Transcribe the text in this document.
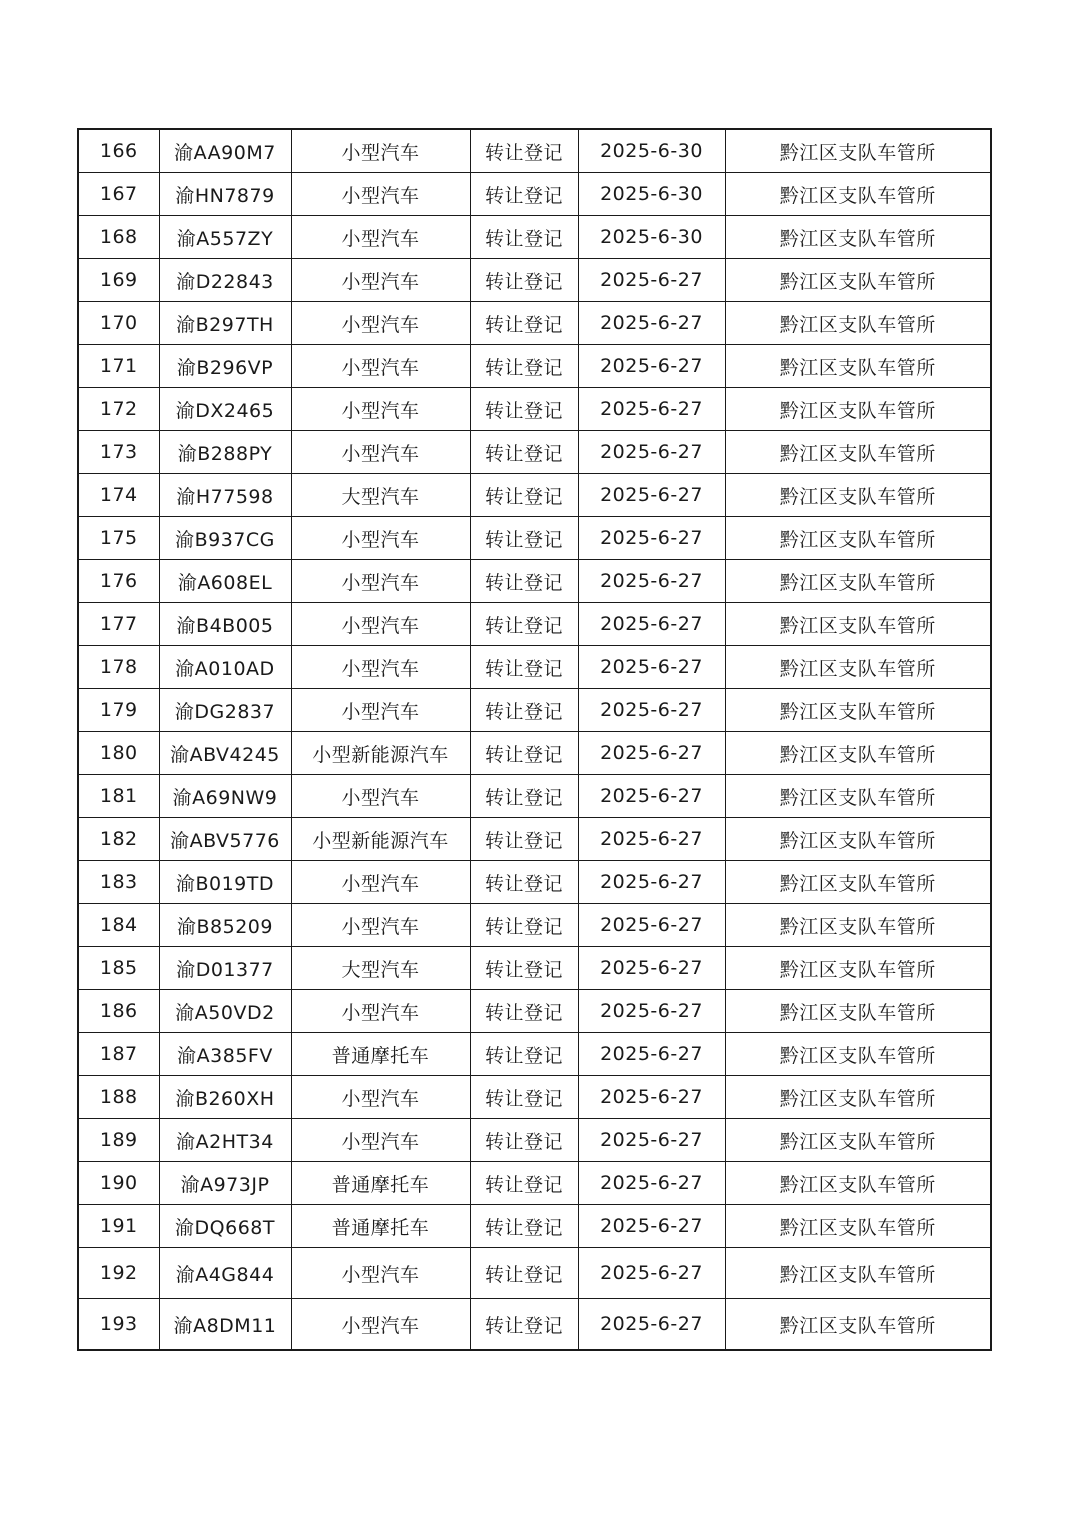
166	渝AA90M7	小型汽车	转让登记	2025-6-30	黔江区支队车管所
167	渝HN7879	小型汽车	转让登记	2025-6-30	黔江区支队车管所
168	渝A557ZY	小型汽车	转让登记	2025-6-30	黔江区支队车管所
169	渝D22843	小型汽车	转让登记	2025-6-27	黔江区支队车管所
170	渝B297TH	小型汽车	转让登记	2025-6-27	黔江区支队车管所
171	渝B296VP	小型汽车	转让登记	2025-6-27	黔江区支队车管所
172	渝DX2465	小型汽车	转让登记	2025-6-27	黔江区支队车管所
173	渝B288PY	小型汽车	转让登记	2025-6-27	黔江区支队车管所
174	渝H77598	大型汽车	转让登记	2025-6-27	黔江区支队车管所
175	渝B937CG	小型汽车	转让登记	2025-6-27	黔江区支队车管所
176	渝A608EL	小型汽车	转让登记	2025-6-27	黔江区支队车管所
177	渝B4B005	小型汽车	转让登记	2025-6-27	黔江区支队车管所
178	渝A010AD	小型汽车	转让登记	2025-6-27	黔江区支队车管所
179	渝DG2837	小型汽车	转让登记	2025-6-27	黔江区支队车管所
180	渝ABV4245	小型新能源汽车	转让登记	2025-6-27	黔江区支队车管所
181	渝A69NW9	小型汽车	转让登记	2025-6-27	黔江区支队车管所
182	渝ABV5776	小型新能源汽车	转让登记	2025-6-27	黔江区支队车管所
183	渝B019TD	小型汽车	转让登记	2025-6-27	黔江区支队车管所
184	渝B85209	小型汽车	转让登记	2025-6-27	黔江区支队车管所
185	渝D01377	大型汽车	转让登记	2025-6-27	黔江区支队车管所
186	渝A50VD2	小型汽车	转让登记	2025-6-27	黔江区支队车管所
187	渝A385FV	普通摩托车	转让登记	2025-6-27	黔江区支队车管所
188	渝B260XH	小型汽车	转让登记	2025-6-27	黔江区支队车管所
189	渝A2HT34	小型汽车	转让登记	2025-6-27	黔江区支队车管所
190	渝A973JP	普通摩托车	转让登记	2025-6-27	黔江区支队车管所
191	渝DQ668T	普通摩托车	转让登记	2025-6-27	黔江区支队车管所
192	渝A4G844	小型汽车	转让登记	2025-6-27	黔江区支队车管所
193	渝A8DM11	小型汽车	转让登记	2025-6-27	黔江区支队车管所
